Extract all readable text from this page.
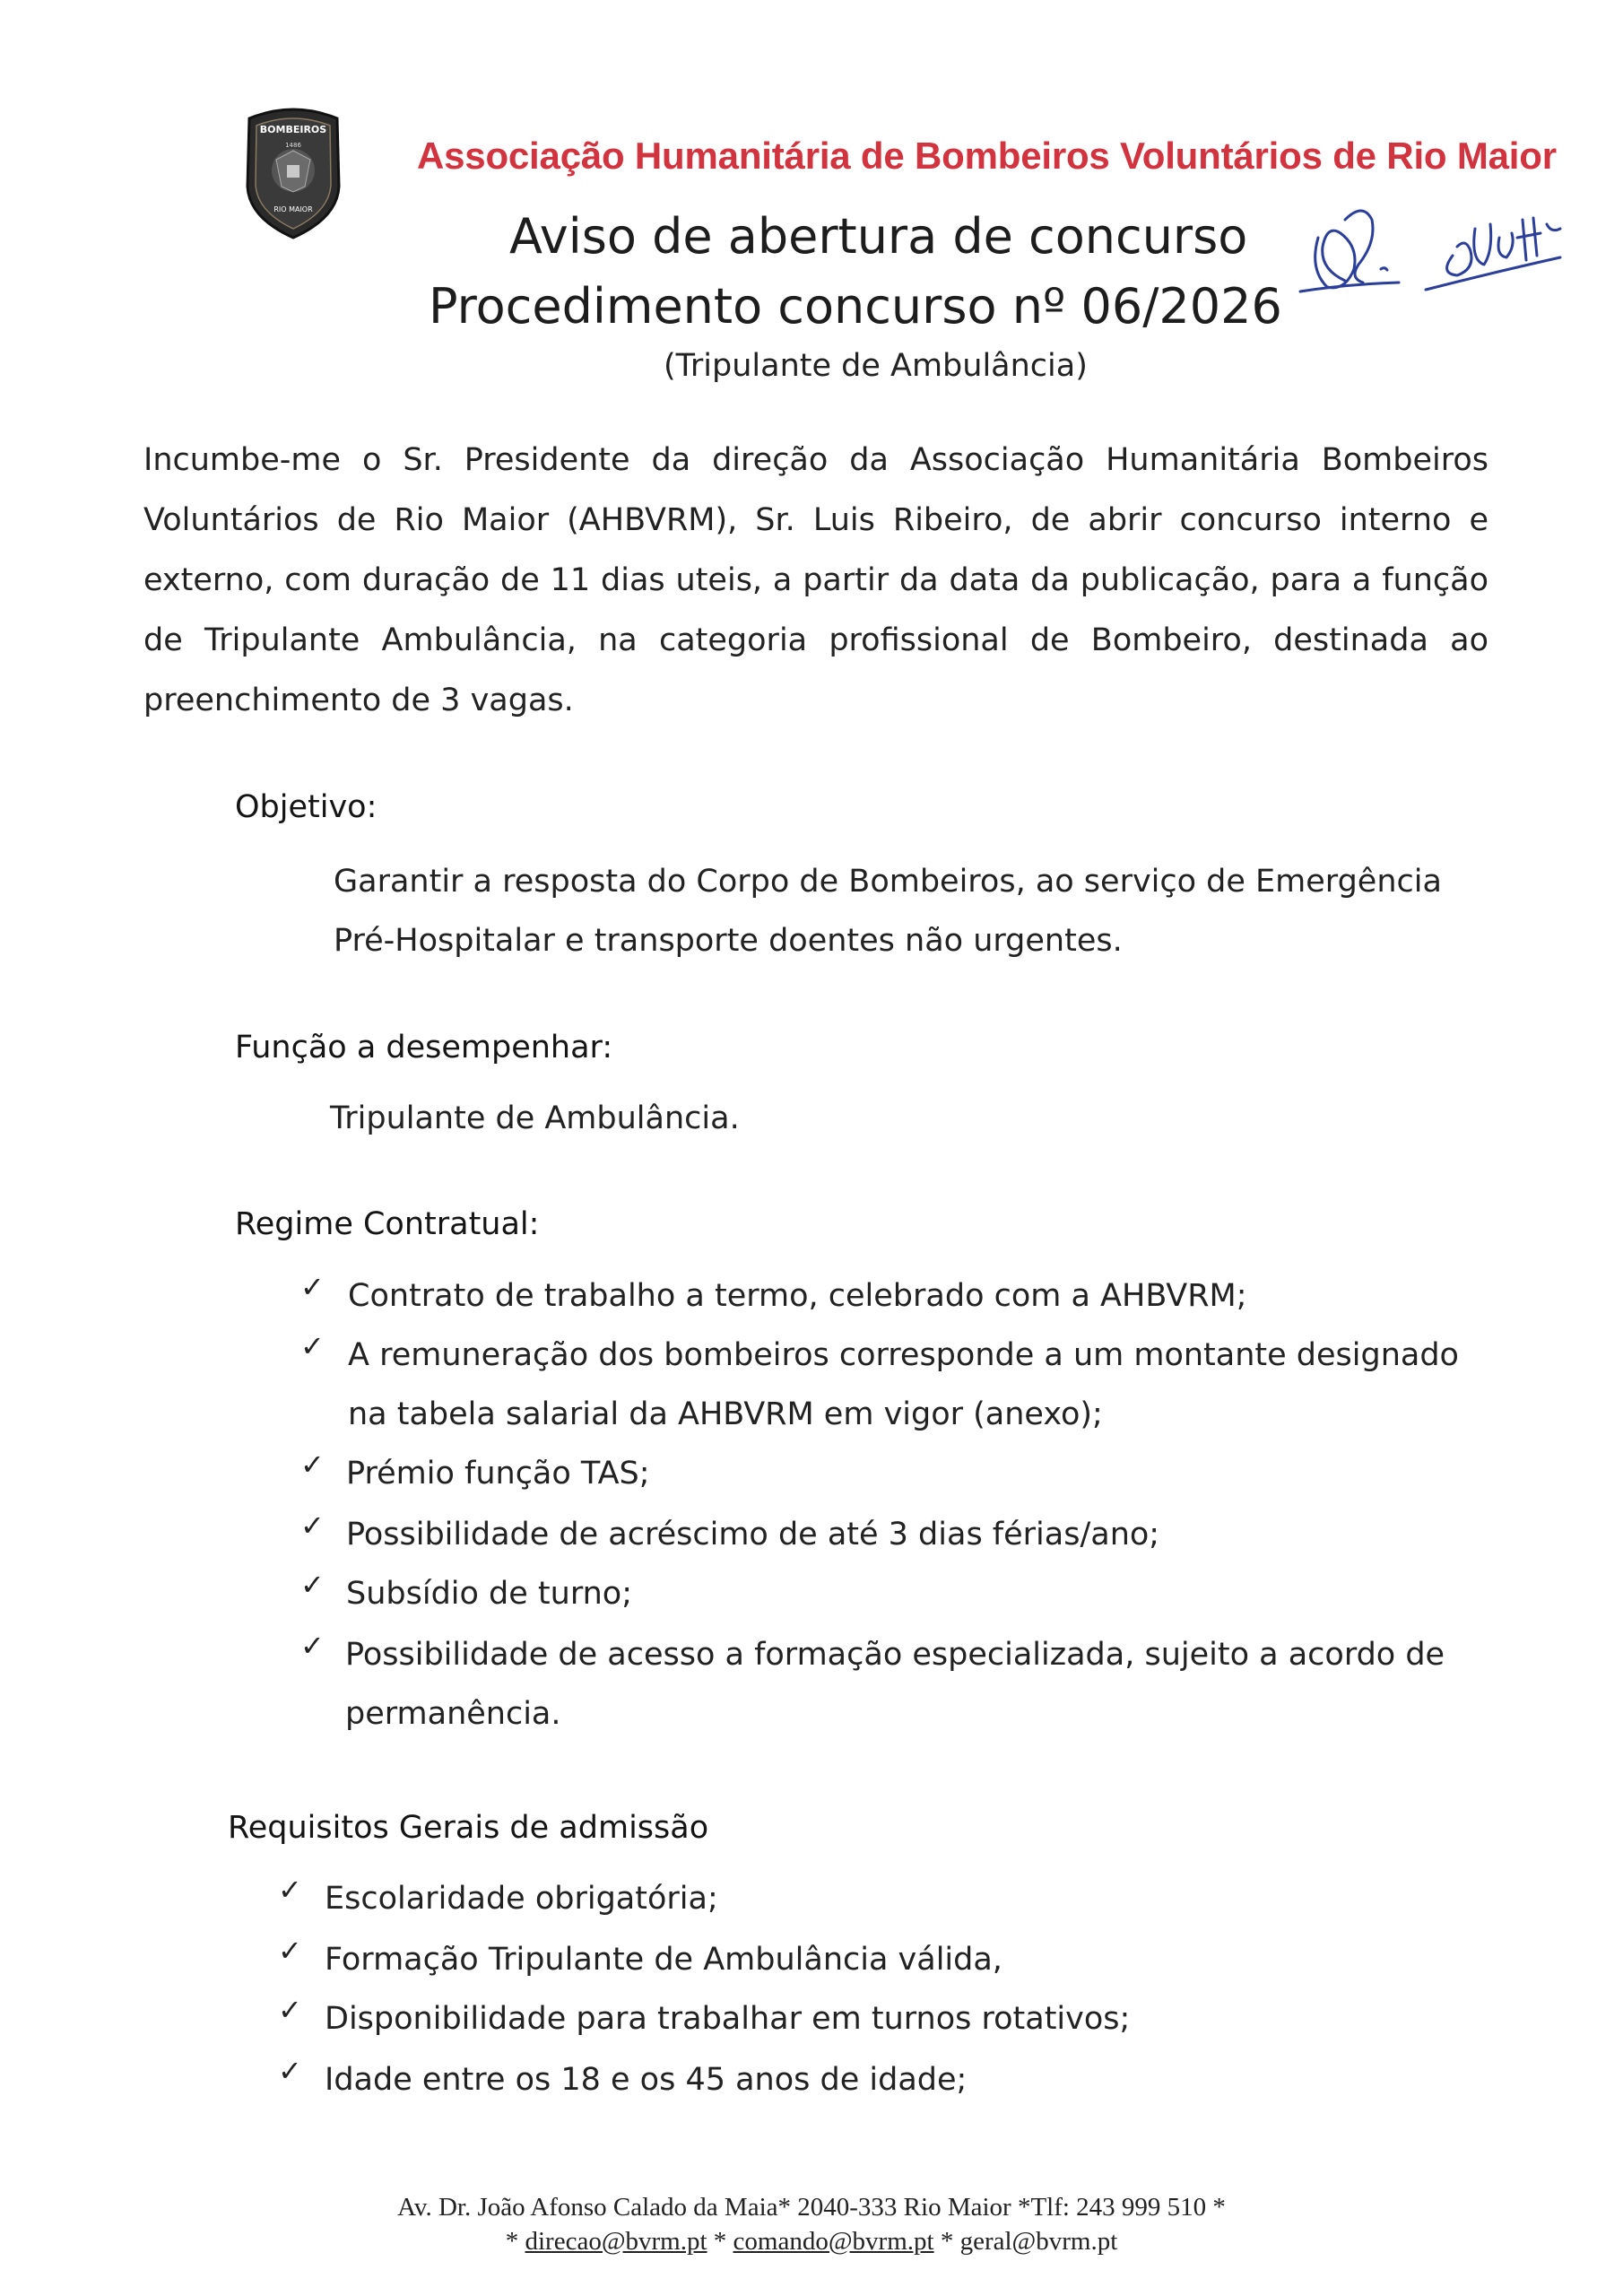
BOMBEIROS
1486
RIO MAIOR
Associação Humanitária de Bombeiros Voluntários de Rio Maior
Aviso de abertura de concurso
Procedimento concurso nº 06/2026
(Tripulante de Ambulância)
Incumbe-me o Sr. Presidente da direção da Associação Humanitária Bombeiros
Voluntários de Rio Maior (AHBVRM), Sr. Luis Ribeiro, de abrir concurso interno e
externo, com duração de 11 dias uteis, a partir da data da publicação, para a função
de Tripulante Ambulância, na categoria profissional de Bombeiro, destinada ao
preenchimento de 3 vagas.
Objetivo:
Garantir a resposta do Corpo de Bombeiros, ao serviço de Emergência
Pré-Hospitalar e transporte doentes não urgentes.
Função a desempenhar:
Tripulante de Ambulância.
Regime Contratual:
✓ Contrato de trabalho a termo, celebrado com a AHBVRM;
✓ A remuneração dos bombeiros corresponde a um montante designado
na tabela salarial da AHBVRM em vigor (anexo);
✓ Prémio função TAS;
✓ Possibilidade de acréscimo de até 3 dias férias/ano;
✓ Subsídio de turno;
✓ Possibilidade de acesso a formação especializada, sujeito a acordo de
permanência.
Requisitos Gerais de admissão
✓ Escolaridade obrigatória;
✓ Formação Tripulante de Ambulância válida,
✓ Disponibilidade para trabalhar em turnos rotativos;
✓ Idade entre os 18 e os 45 anos de idade;
Av. Dr. João Afonso Calado da Maia* 2040-333 Rio Maior *Tlf: 243 999 510 *
* direcao@bvrm.pt * comando@bvrm.pt * geral@bvrm.pt
